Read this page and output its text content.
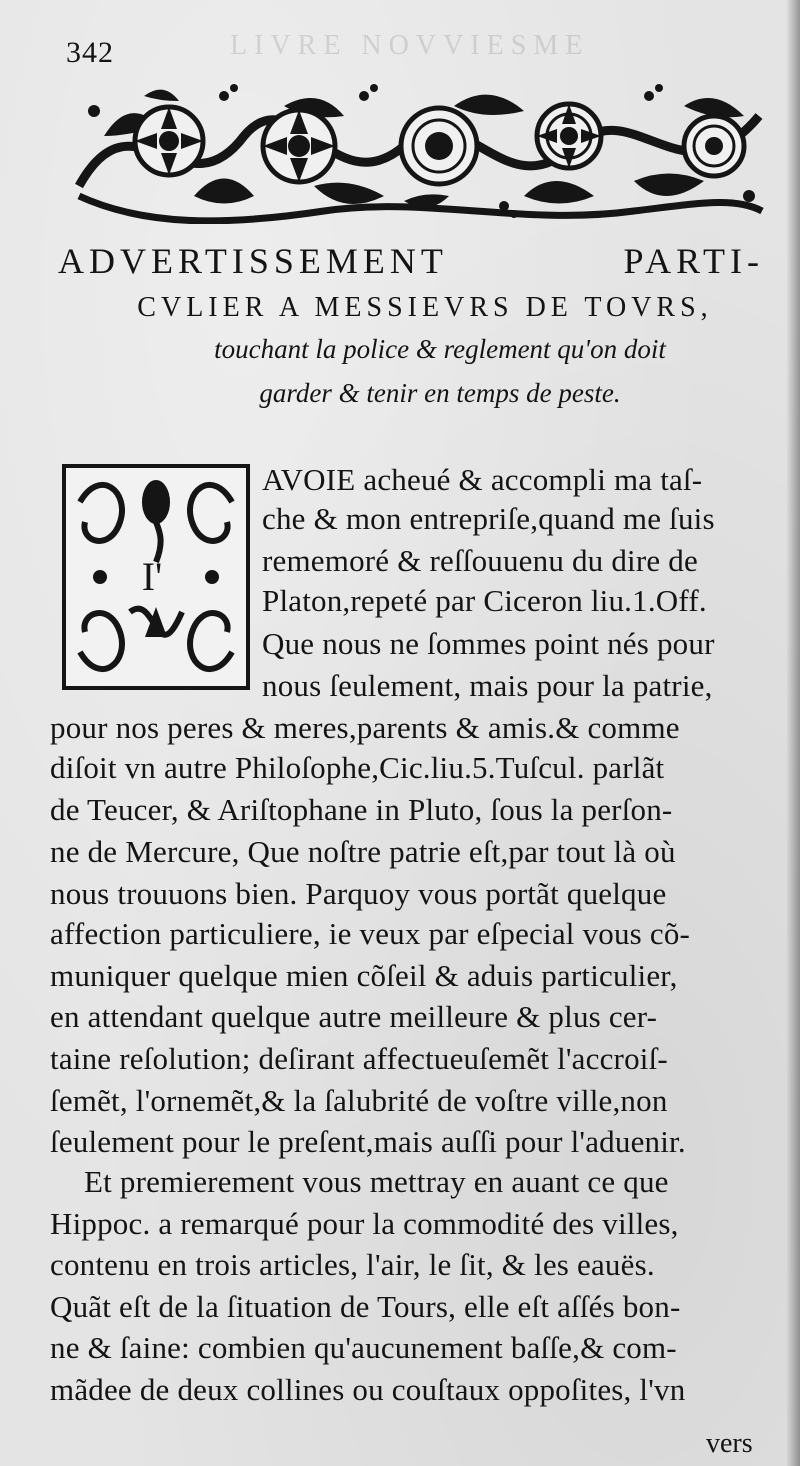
342	LIVRE NOVVIESME
ADVERTISSEMENT	PARTI-
CVLIER A MESSIEVRS DE TOVRS,
touchant la police & reglement qu'on doit
garder & tenir en temps de peste.
I'
AVOIE acheué & accompli ma taſ-
che & mon entrepriſe,quand me ſuis
rememoré & reſſouuenu du dire de
Platon,repeté par Ciceron liu.1.Off.
Que nous ne ſommes point nés pour
nous ſeulement, mais pour la patrie,
pour nos peres & meres,parents & amis.& comme
diſoit vn autre Philoſophe,Cic.liu.5.Tuſcul. parlãt
de Teucer, & Ariſtophane in Pluto, ſous la perſon-
ne de Mercure, Que noſtre patrie eſt,par tout là où
nous trouuons bien. Parquoy vous portãt quelque
affection particuliere, ie veux par eſpecial vous cõ-
muniquer quelque mien cõſeil & aduis particulier,
en attendant quelque autre meilleure & plus cer-
taine reſolution; deſirant affectueuſemẽt l'accroiſ-
ſemẽt, l'ornemẽt,& la ſalubrité de voſtre ville,non
ſeulement pour le preſent,mais auſſi pour l'aduenir.
Et premierement vous mettray en auant ce que
Hippoc. a remarqué pour la commodité des villes,
contenu en trois articles, l'air, le ſit, & les eauës.
Quãt eſt de la ſituation de Tours, elle eſt aſſés bon-
ne & ſaine: combien qu'aucunement baſſe,& com-
mãdee de deux collines ou couſtaux oppoſites, l'vn
vers
